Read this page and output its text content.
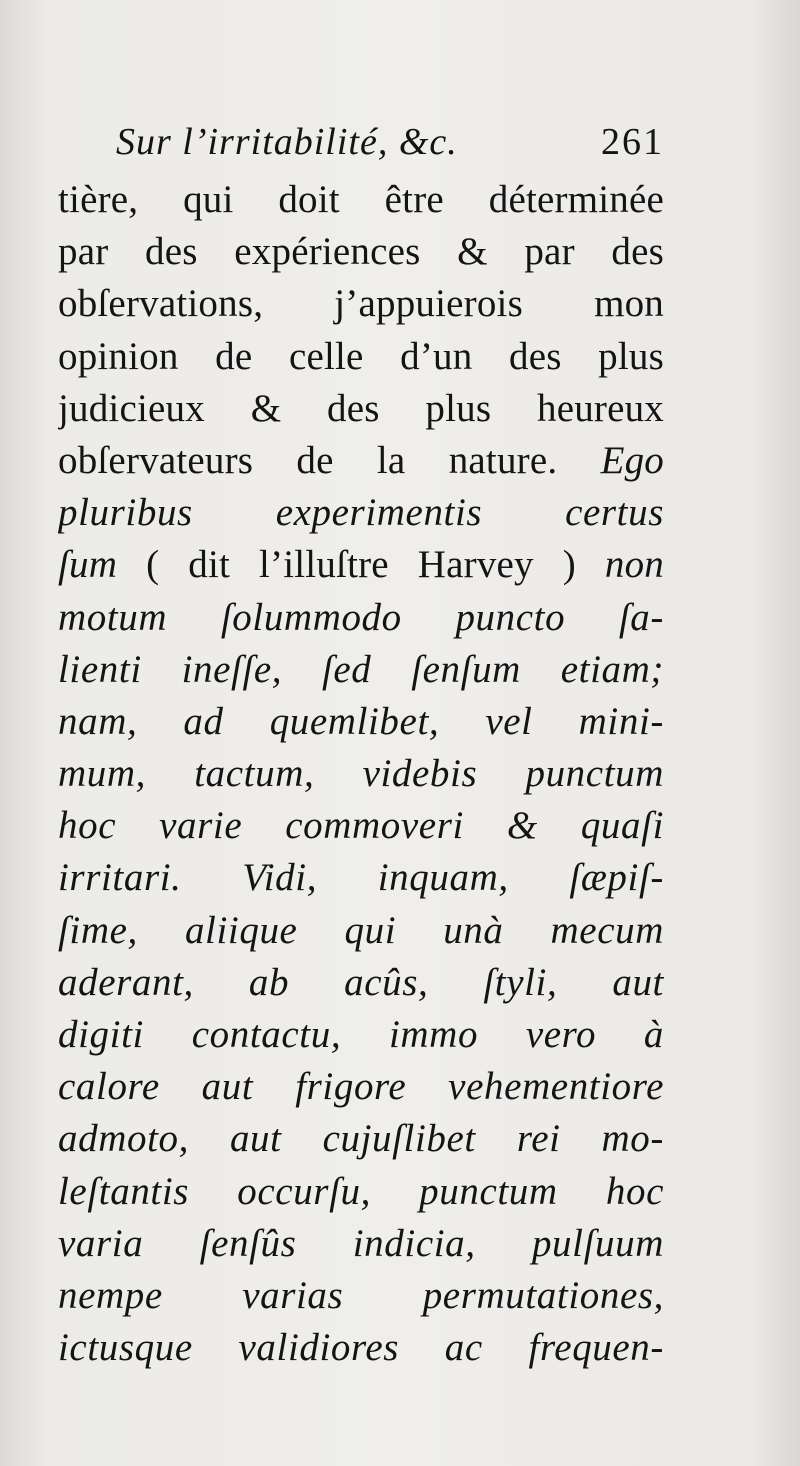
Sur l’irritabilité, &c.	261
tière, qui doit être déterminée
par des expériences & par des
obſervations, j’appuierois mon
opinion de celle d’un des plus
judicieux & des plus heureux
obſervateurs de la nature. Ego
pluribus experimentis certus
ſum ( dit l’illuſtre Harvey ) non
motum ſolummodo puncto ſa-
lienti ineſſe, ſed ſenſum etiam;
nam, ad quemlibet, vel mini-
mum, tactum, videbis punctum
hoc varie commoveri & quaſi
irritari. Vidi, inquam, ſæpiſ-
ſime, aliique qui unà mecum
aderant, ab acûs, ſtyli, aut
digiti contactu, immo vero à
calore aut frigore vehementiore
admoto, aut cujuſlibet rei mo-
leſtantis occurſu, punctum hoc
varia ſenſûs indicia, pulſuum
nempe varias permutationes,
ictusque validiores ac frequen-
